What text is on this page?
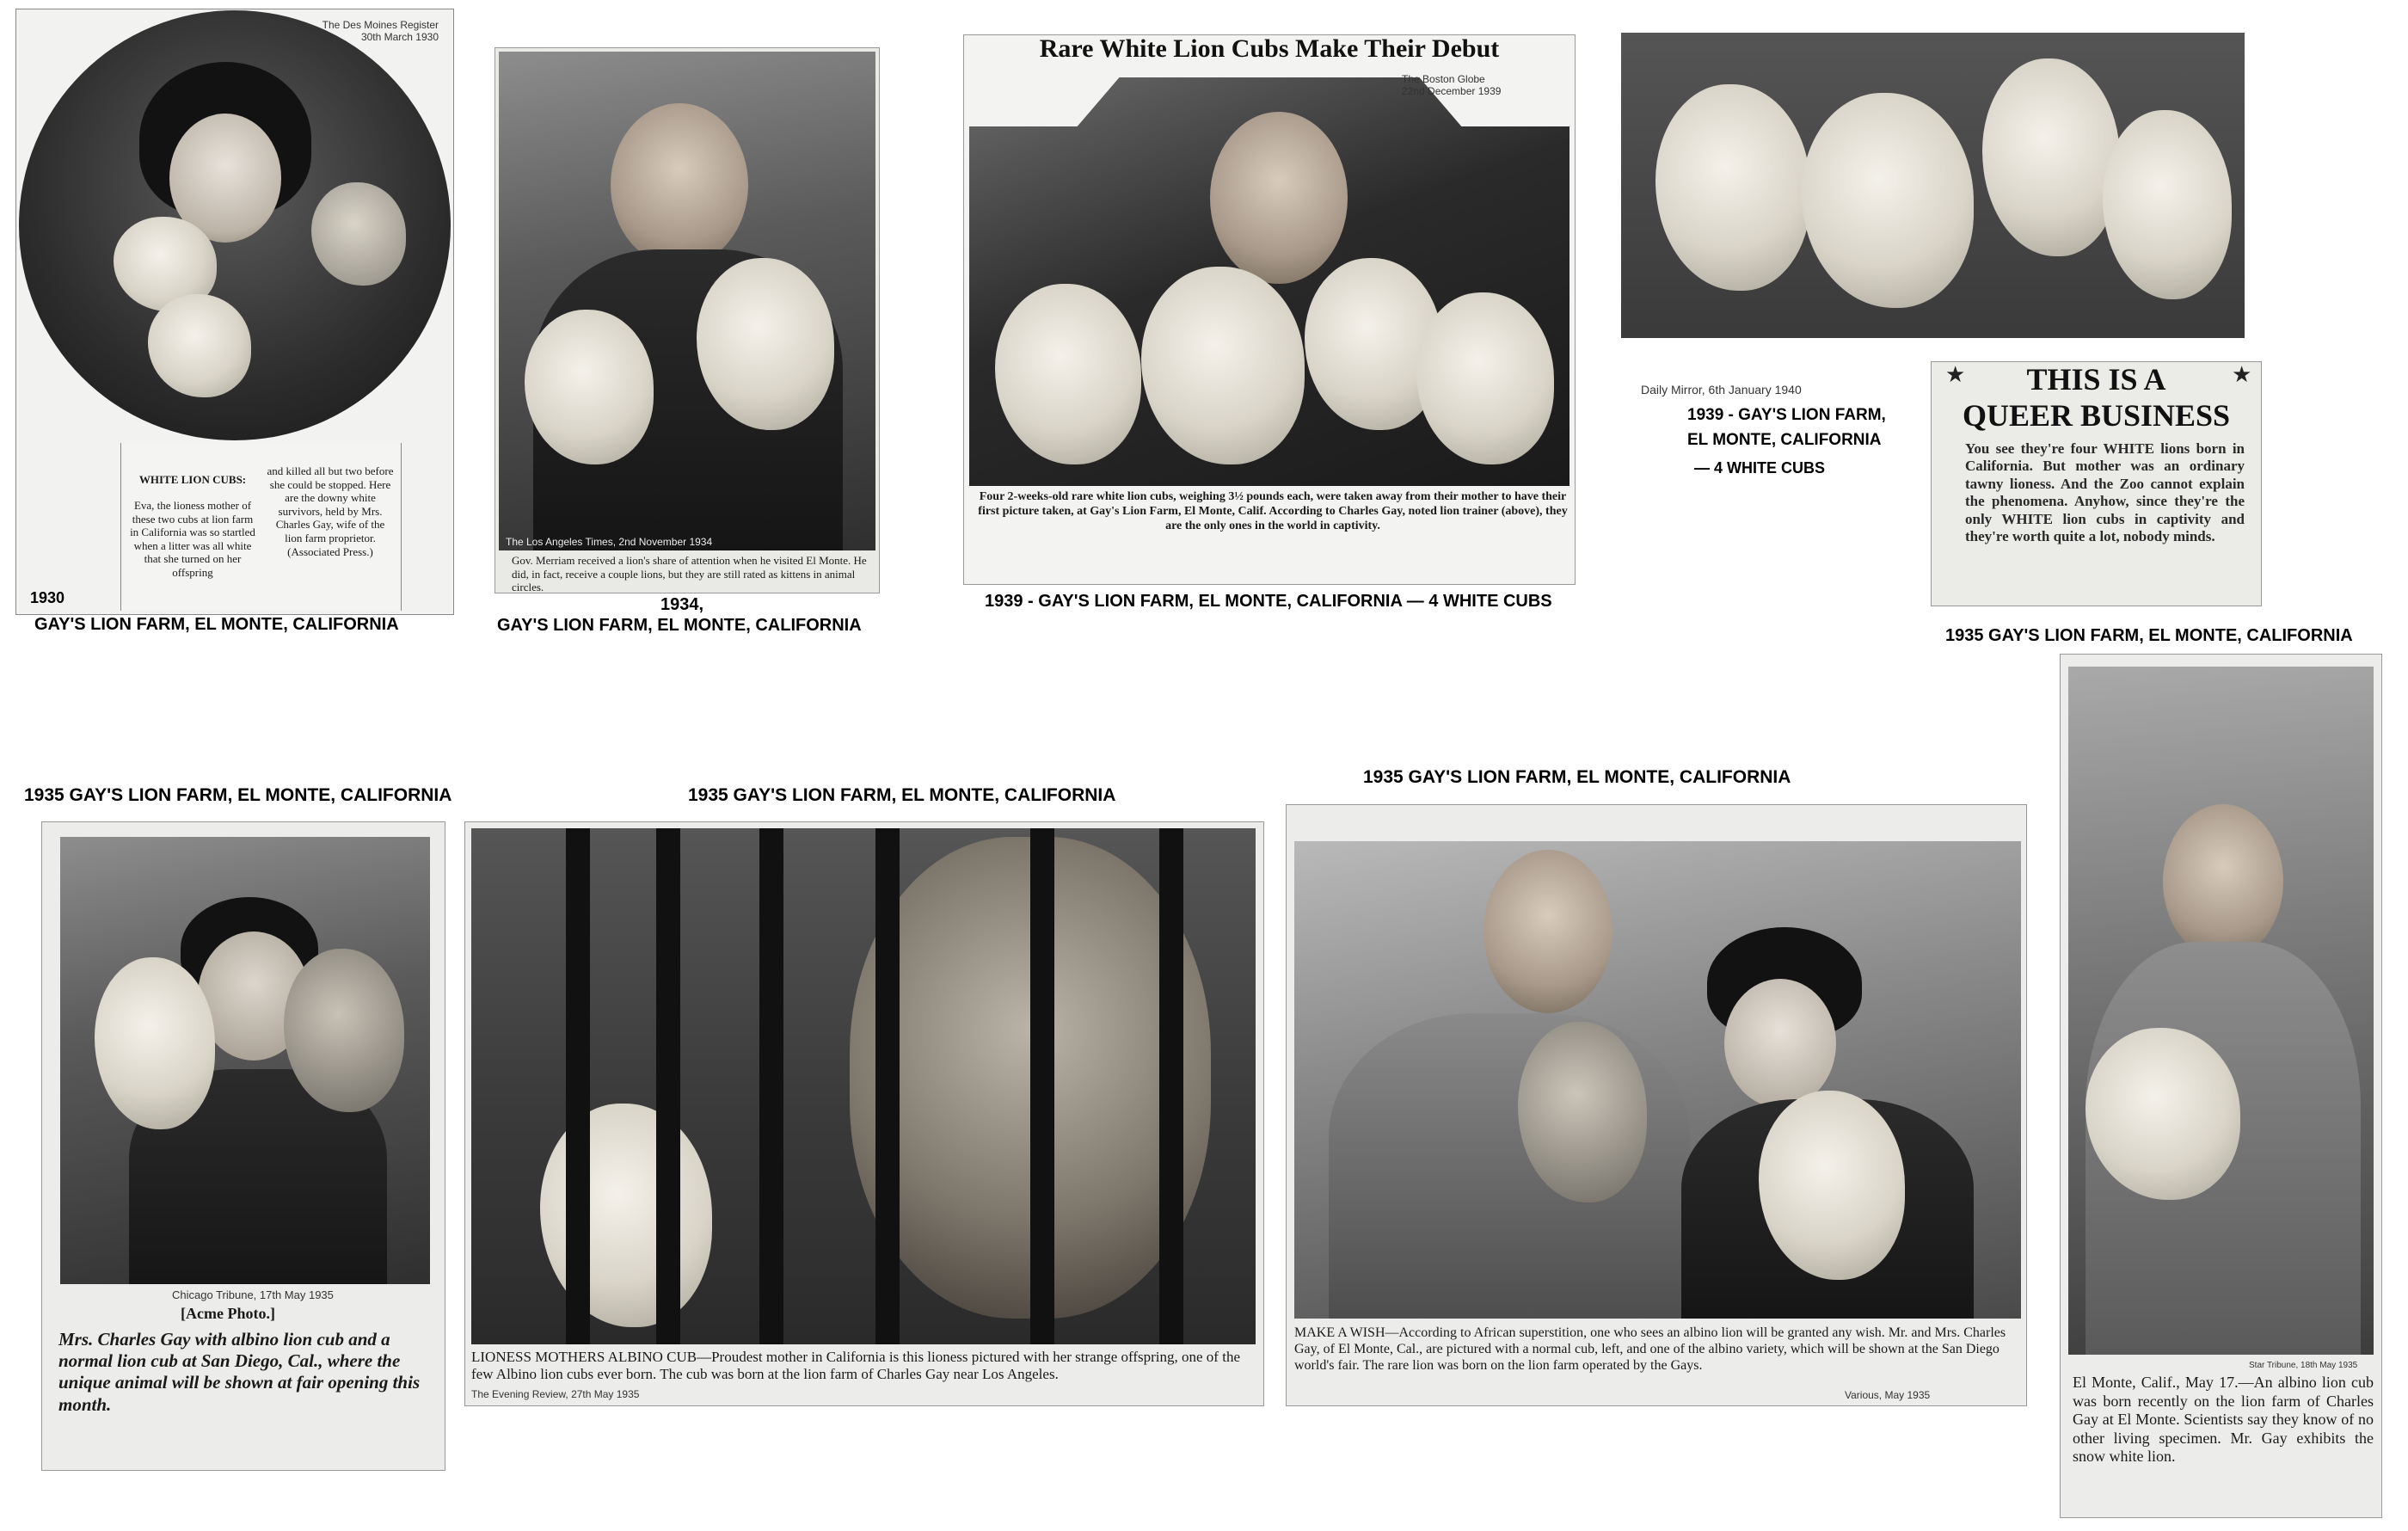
The Des Moines Register
30th March 1930
WHITE LION CUBS:
Eva, the lioness mother of these two cubs at lion farm in California was so startled when a litter was all white that she turned on her offspring
and killed all but two before she could be stopped. Here are the downy white survivors, held by Mrs. Charles Gay, wife of the lion farm proprietor. (Associated Press.)
1930
GAY'S LION FARM, EL MONTE, CALIFORNIA
The Los Angeles Times, 2nd November 1934
Gov. Merriam received a lion's share of attention when he visited El Monte. He did, in fact, receive a couple lions, but they are still rated as kittens in animal circles.
1934,
GAY'S LION FARM, EL MONTE, CALIFORNIA
Rare White Lion Cubs Make Their Debut
The Boston Globe
22nd December 1939
Four 2-weeks-old rare white lion cubs, weighing 3½ pounds each, were taken away from their mother to have their first picture taken, at Gay's Lion Farm, El Monte, Calif. According to Charles Gay, noted lion trainer (above), they are the only ones in the world in captivity.
1939 - GAY'S LION FARM, EL MONTE, CALIFORNIA — 4 WHITE CUBS
Daily Mirror, 6th January 1940
1939 - GAY'S LION FARM,
EL MONTE, CALIFORNIA
— 4 WHITE CUBS
★	★
THIS IS A
QUEER BUSINESS
You see they're four WHITE lions born in California. But mother was an ordinary tawny lioness. And the Zoo cannot explain the phenomena. Anyhow, since they're the only WHITE lion cubs in captivity and they're worth quite a lot, nobody minds.
1935 GAY'S LION FARM, EL MONTE, CALIFORNIA
1935 GAY'S LION FARM, EL MONTE, CALIFORNIA
Chicago Tribune, 17th May 1935
[Acme Photo.]
Mrs. Charles Gay with albino lion cub and a normal lion cub at San Diego, Cal., where the unique animal will be shown at fair opening this month.
1935 GAY'S LION FARM, EL MONTE, CALIFORNIA
LIONESS MOTHERS ALBINO CUB—Proudest mother in California is this lioness pictured with her strange offspring, one of the few Albino lion cubs ever born. The cub was born at the lion farm of Charles Gay near Los Angeles.
The Evening Review, 27th May 1935
1935 GAY'S LION FARM, EL MONTE, CALIFORNIA
MAKE A WISH—According to African superstition, one who sees an albino lion will be granted any wish. Mr. and Mrs. Charles Gay, of El Monte, Cal., are pictured with a normal cub, left, and one of the albino variety, which will be shown at the San Diego world's fair. The rare lion was born on the lion farm operated by the Gays.
Various, May 1935
Star Tribune, 18th May 1935
El Monte, Calif., May 17.—An albino lion cub was born recently on the lion farm of Charles Gay at El Monte. Scientists say they know of no other living specimen. Mr. Gay exhibits the snow white lion.
